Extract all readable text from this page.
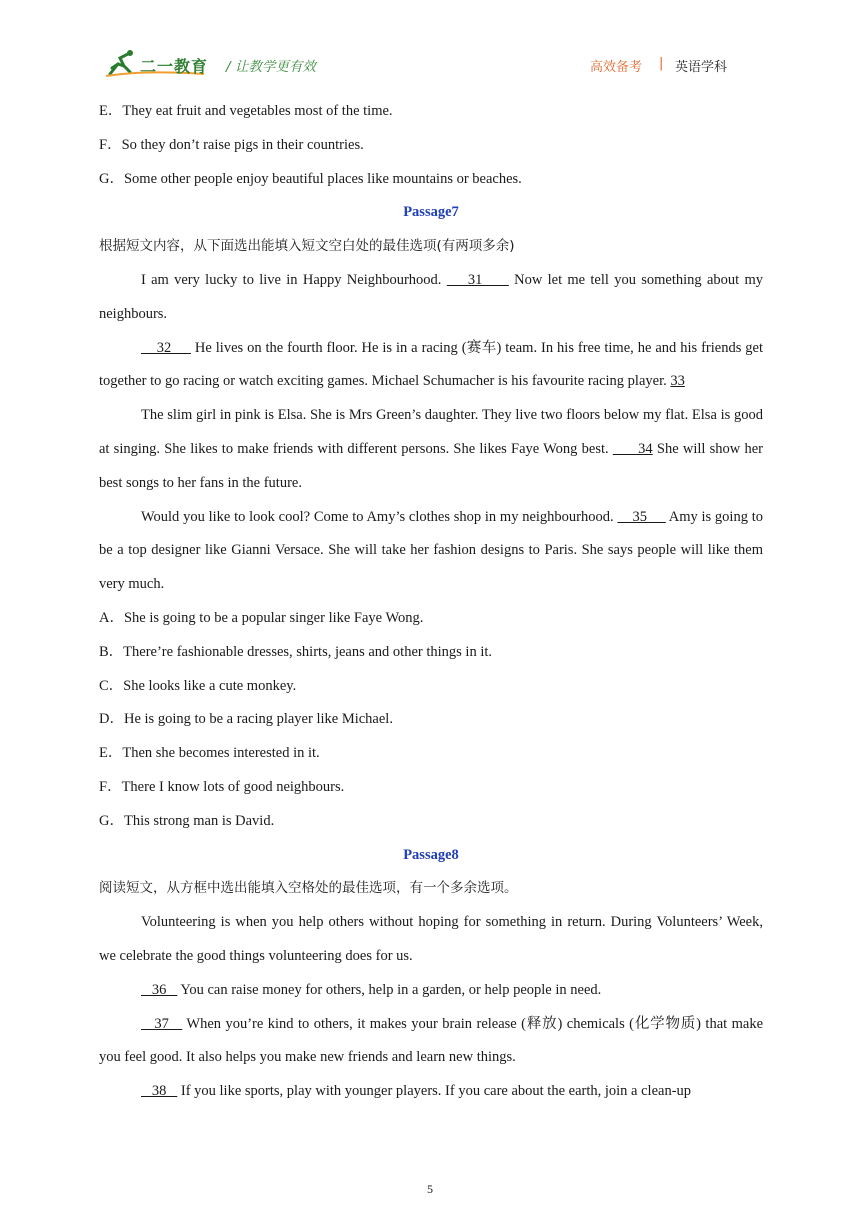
二一教育 / 让教学更有效	高效备考 | 英语学科
E．They eat fruit and vegetables most of the time.
F．So they don’t raise pigs in their countries.
G．Some other people enjoy beautiful places like mountains or beaches.
Passage7
根据短文内容，从下面选出能填入短文空白处的最佳选项(有两项多余)

I am very lucky to live in Happy Neighbourhood.     31      Now let me tell you something about my neighbours.

32      He lives on the fourth floor. He is in a racing (赛车) team. In his free time, he and his friends get together to go racing or watch exciting games. Michael Schumacher is his favourite racing player. 33

The slim girl in pink is Elsa. She is Mrs Green’s daughter. They live two floors below my flat. Elsa is good at singing. She likes to make friends with different persons. She likes Faye Wong best.       34 She will show her best songs to her fans in the future.

Would you like to look cool? Come to Amy’s clothes shop in my neighbourhood.     35      Amy is going to be a top designer like Gianni Versace. She will take her fashion designs to Paris. She says people will like them very much.

A．She is going to be a popular singer like Faye Wong.
B．There’re fashionable dresses, shirts, jeans and other things in it.
C．She looks like a cute monkey.
D．He is going to be a racing player like Michael.
E．Then she becomes interested in it.
F．There I know lots of good neighbours.
G．This strong man is David.
Passage8
阅读短文，从方框中选出能填入空格处的最佳选项，有一个多余选项。

Volunteering is when you help others without hoping for something in return. During Volunteers’ Week, we celebrate the good things volunteering does for us.

36    You can raise money for others, help in a garden, or help people in need.

37    When you’re kind to others, it makes your brain release (释放) chemicals (化学物质) that make you feel good. It also helps you make new friends and learn new things.

38    If you like sports, play with younger players. If you care about the earth, join a clean-up

5
